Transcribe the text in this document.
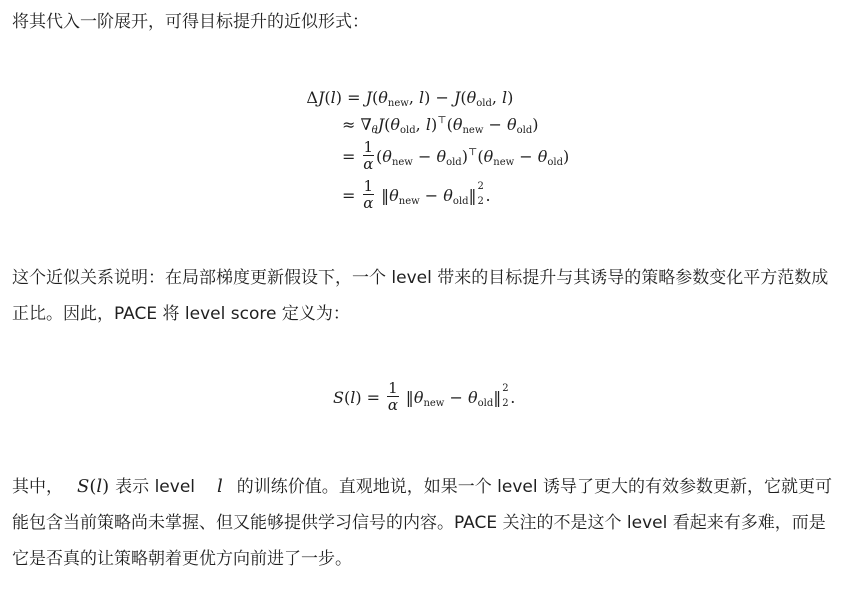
将其代入一阶展开，可得目标提升的近似形式：
$\Delta J(l) = J(\theta_{new}$, $l) - J(\theta_{old}$, l)
≈ $\nabla_\theta J(\theta_{old}$, $l)^⊤(\theta_{new} - \theta_{old})$
= $\frac{1}{\alpha} (\theta_{new} - \theta_{old})^⊤(\theta_{new} - \theta_{old})$
= $\frac{1}{\alpha}$ $‖\theta_{new}$ − $\theta_{old}‖$ 2
2 .
这个近似关系说明：在局部梯度更新假设下，一个 level 带来的目标提升与其诱导的策略参数变化平方范数成正比。因此，PACE 将 level score 定义为：
$S(l) = \frac{1}{\alpha}$ $‖\theta_{new}$ − $\theta_{old}‖$ 2
2 .
其中， S(l) 表示 level l 的训练价值。直观地说，如果一个 level 诱导了更大的有效参数更新，它就更可能包含当前策略尚未掌握、但又能够提供学习信号的内容。PACE 关注的不是这个 level 看起来有多难，而是它是否真的让策略朝着更优方向前进了一步。
